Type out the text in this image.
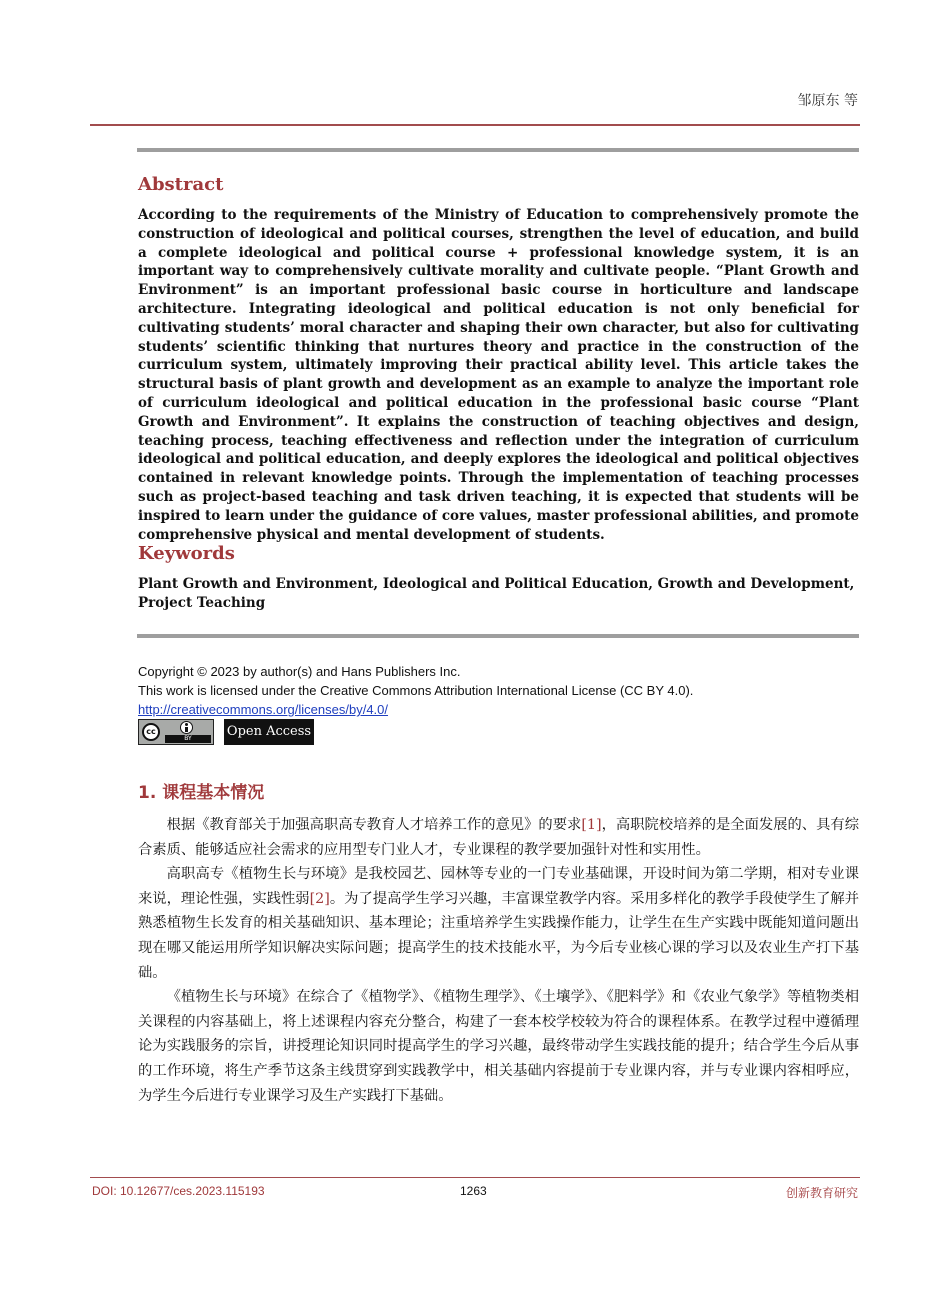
邹原东 等
Abstract
According to the requirements of the Ministry of Education to comprehensively promote the construction of ideological and political courses, strengthen the level of education, and build a complete ideological and political course + professional knowledge system, it is an important way to comprehensively cultivate morality and cultivate people. “Plant Growth and Environment” is an important professional basic course in horticulture and landscape architecture. Integrating ideological and political education is not only beneficial for cultivating students’ moral character and shaping their own character, but also for cultivating students’ scientific thinking that nurtures theory and practice in the construction of the curriculum system, ultimately improving their practical ability level. This article takes the structural basis of plant growth and development as an example to analyze the important role of curriculum ideological and political education in the professional basic course “Plant Growth and Environment”. It explains the construction of teaching objectives and design, teaching process, teaching effectiveness and reflection under the integration of curriculum ideological and political education, and deeply explores the ideological and political objectives contained in relevant knowledge points. Through the implementation of teaching processes such as project-based teaching and task driven teaching, it is expected that students will be inspired to learn under the guidance of core values, master professional abilities, and promote comprehensive physical and mental development of students.
Keywords
Plant Growth and Environment, Ideological and Political Education, Growth and Development, Project Teaching
Copyright © 2023 by author(s) and Hans Publishers Inc.
This work is licensed under the Creative Commons Attribution International License (CC BY 4.0).
http://creativecommons.org/licenses/by/4.0/
cc
BY	Open Access
1. 课程基本情况

根据《教育部关于加强高职高专教育人才培养工作的意见》的要求[1]，高职院校培养的是全面发展的、具有综合素质、能够适应社会需求的应用型专门业人才，专业课程的教学要加强针对性和实用性。

高职高专《植物生长与环境》是我校园艺、园林等专业的一门专业基础课，开设时间为第二学期，相对专业课来说，理论性强，实践性弱[2]。为了提高学生学习兴趣，丰富课堂教学内容。采用多样化的教学手段使学生了解并熟悉植物生长发育的相关基础知识、基本理论；注重培养学生实践操作能力，让学生在生产实践中既能知道问题出现在哪又能运用所学知识解决实际问题；提高学生的技术技能水平，为今后专业核心课的学习以及农业生产打下基础。

《植物生长与环境》在综合了《植物学》、《植物生理学》、《土壤学》、《肥料学》和《农业气象学》等植物类相关课程的内容基础上，将上述课程内容充分整合，构建了一套本校学校较为符合的课程体系。在教学过程中遵循理论为实践服务的宗旨，讲授理论知识同时提高学生的学习兴趣，最终带动学生实践技能的提升；结合学生今后从事的工作环境，将生产季节这条主线贯穿到实践教学中，相关基础内容提前于专业课内容，并与专业课内容相呼应，为学生今后进行专业课学习及生产实践打下基础。

DOI: 10.12677/ces.2023.115193	1263	创新教育研究
